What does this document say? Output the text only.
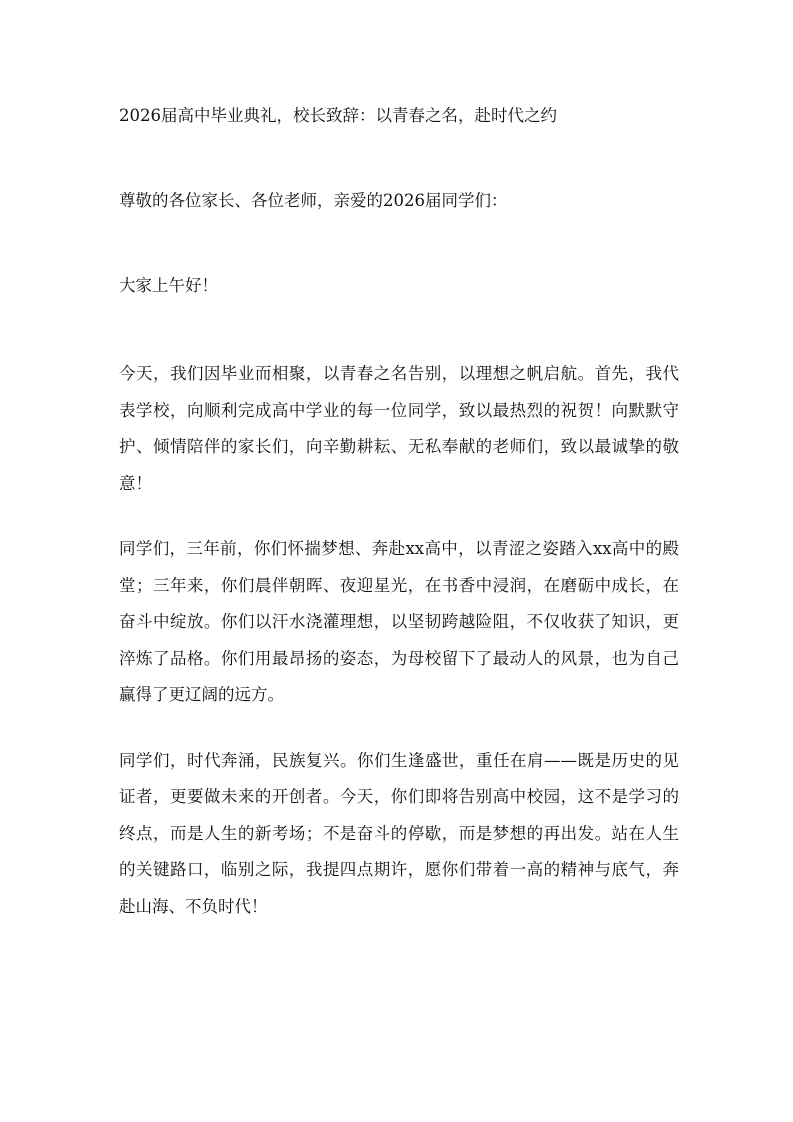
2026届高中毕业典礼，校长致辞：以青春之名，赴时代之约

尊敬的各位家长、各位老师，亲爱的2026届同学们：

大家上午好！

今天，我们因毕业而相聚，以青春之名告别，以理想之帆启航。首先，我代表学校，向顺利完成高中学业的每一位同学，致以最热烈的祝贺！向默默守护、倾情陪伴的家长们，向辛勤耕耘、无私奉献的老师们，致以最诚挚的敬意！

同学们，三年前，你们怀揣梦想、奔赴xx高中，以青涩之姿踏入xx高中的殿堂；三年来，你们晨伴朝晖、夜迎星光，在书香中浸润，在磨砺中成长，在奋斗中绽放。你们以汗水浇灌理想，以坚韧跨越险阻，不仅收获了知识，更淬炼了品格。你们用最昂扬的姿态，为母校留下了最动人的风景，也为自己赢得了更辽阔的远方。

同学们，时代奔涌，民族复兴。你们生逢盛世，重任在肩——既是历史的见证者，更要做未来的开创者。今天，你们即将告别高中校园，这不是学习的终点，而是人生的新考场；不是奋斗的停歇，而是梦想的再出发。站在人生的关键路口，临别之际，我提四点期许，愿你们带着一高的精神与底气，奔赴山海、不负时代！
